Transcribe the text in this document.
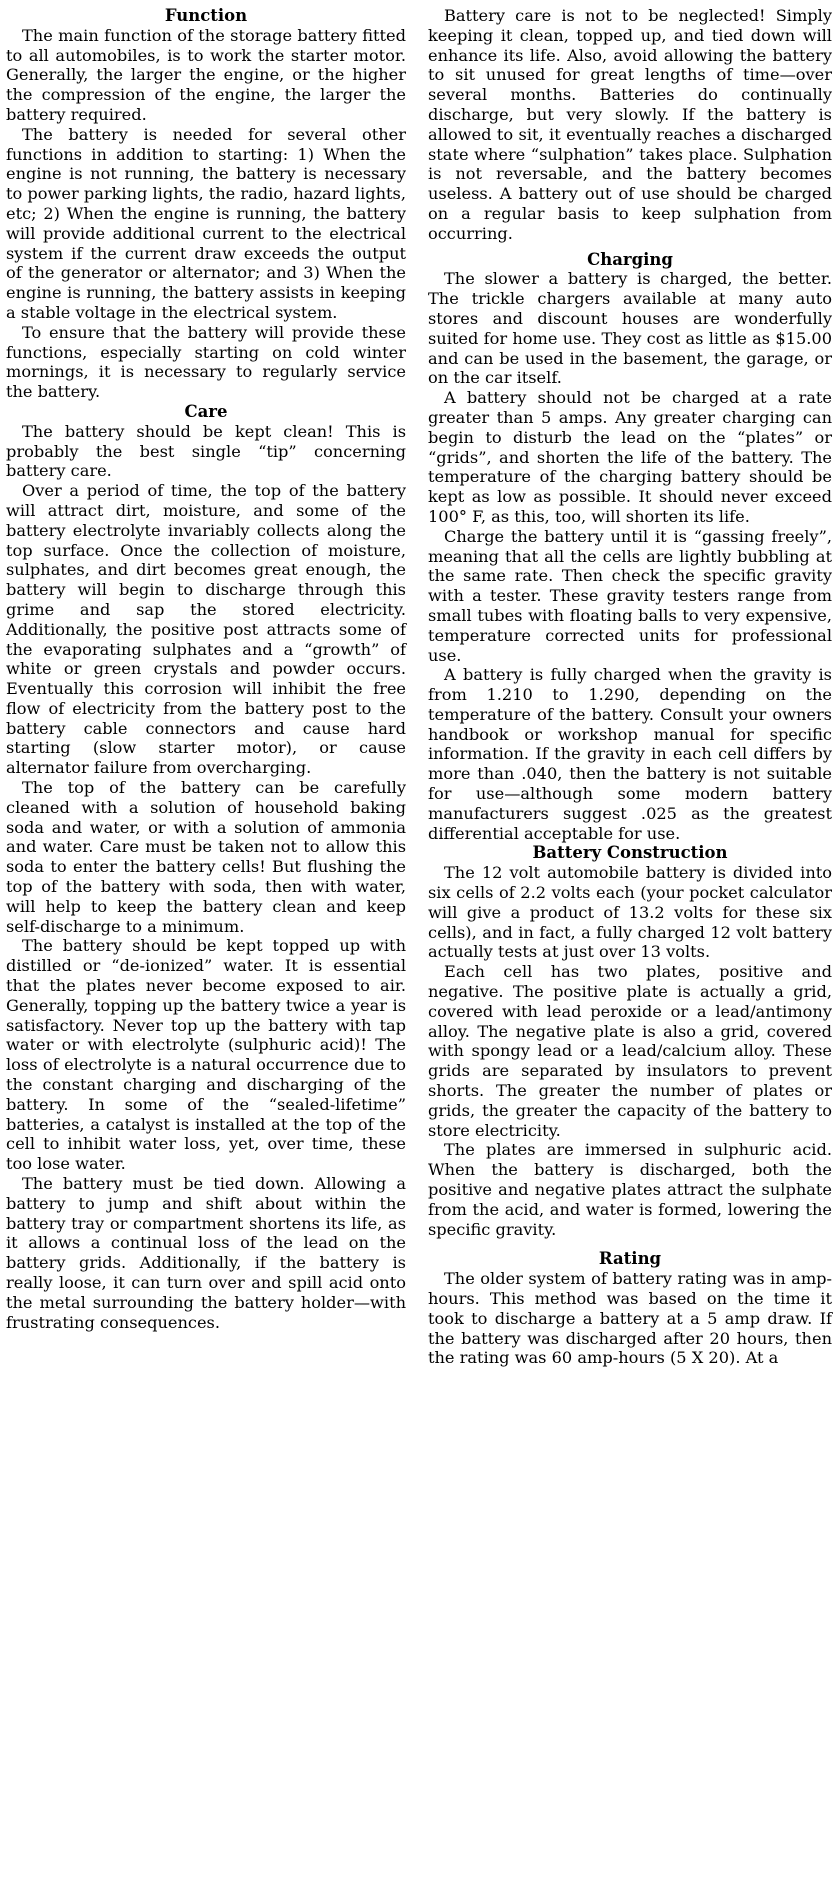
Function

The main function of the storage battery fitted to all automobiles, is to work the starter motor. Generally, the larger the engine, or the higher the compression of the engine, the larger the battery required.

The battery is needed for several other functions in addition to starting: 1) When the engine is not running, the battery is necessary to power parking lights, the radio, hazard lights, etc; 2) When the engine is running, the battery will provide additional current to the electrical system if the current draw exceeds the output of the generator or alternator; and 3) When the engine is running, the battery assists in keeping a stable voltage in the electrical system.

To ensure that the battery will provide these functions, especially starting on cold winter mornings, it is necessary to regularly service the battery.

Care

The battery should be kept clean! This is probably the best single “tip” concerning battery care.

Over a period of time, the top of the battery will attract dirt, moisture, and some of the battery electrolyte invariably collects along the top surface. Once the collection of moisture, sulphates, and dirt becomes great enough, the battery will begin to discharge through this grime and sap the stored electricity. Additionally, the positive post attracts some of the evaporating sulphates and a “growth” of white or green crystals and powder occurs. Eventually this corrosion will inhibit the free flow of electricity from the battery post to the battery cable connectors and cause hard starting (slow starter motor), or cause alternator failure from overcharging.

The top of the battery can be carefully cleaned with a solution of household baking soda and water, or with a solution of ammonia and water. Care must be taken not to allow this soda to enter the battery cells! But flushing the top of the battery with soda, then with water, will help to keep the battery clean and keep self-discharge to a minimum.

The battery should be kept topped up with distilled or “de-ionized” water. It is essential that the plates never become exposed to air. Generally, topping up the battery twice a year is satisfactory. Never top up the battery with tap water or with electrolyte (sulphuric acid)! The loss of electrolyte is a natural occurrence due to the constant charging and discharging of the battery. In some of the “sealed-lifetime” batteries, a catalyst is installed at the top of the cell to inhibit water loss, yet, over time, these too lose water.

The battery must be tied down. Allowing a battery to jump and shift about within the battery tray or compartment shortens its life, as it allows a continual loss of the lead on the battery grids. Additionally, if the battery is really loose, it can turn over and spill acid onto the metal surrounding the battery holder—with frustrating consequences.

Battery care is not to be neglected! Simply keeping it clean, topped up, and tied down will enhance its life. Also, avoid allowing the battery to sit unused for great lengths of time—over several months. Batteries do continually discharge, but very slowly. If the battery is allowed to sit, it eventually reaches a discharged state where “sulphation” takes place. Sulphation is not reversable, and the battery becomes useless. A battery out of use should be charged on a regular basis to keep sulphation from occurring.

Charging

The slower a battery is charged, the better. The trickle chargers available at many auto stores and discount houses are wonderfully suited for home use. They cost as little as $15.00 and can be used in the basement, the garage, or on the car itself.

A battery should not be charged at a rate greater than 5 amps. Any greater charging can begin to disturb the lead on the “plates” or “grids”, and shorten the life of the battery. The temperature of the charging battery should be kept as low as possible. It should never exceed 100° F, as this, too, will shorten its life.

Charge the battery until it is “gassing freely”, meaning that all the cells are lightly bubbling at the same rate. Then check the specific gravity with a tester. These gravity testers range from small tubes with floating balls to very expensive, temperature corrected units for professional use.

A battery is fully charged when the gravity is from 1.210 to 1.290, depending on the temperature of the battery. Consult your owners handbook or workshop manual for specific information. If the gravity in each cell differs by more than .040, then the battery is not suitable for use—although some modern battery manufacturers suggest .025 as the greatest differential acceptable for use.

Battery Construction

The 12 volt automobile battery is divided into six cells of 2.2 volts each (your pocket calculator will give a product of 13.2 volts for these six cells), and in fact, a fully charged 12 volt battery actually tests at just over 13 volts.

Each cell has two plates, positive and negative. The positive plate is actually a grid, covered with lead peroxide or a lead/antimony alloy. The negative plate is also a grid, covered with spongy lead or a lead/calcium alloy. These grids are separated by insulators to prevent shorts. The greater the number of plates or grids, the greater the capacity of the battery to store electricity.

The plates are immersed in sulphuric acid. When the battery is discharged, both the positive and negative plates attract the sulphate from the acid, and water is formed, lowering the specific gravity.

Rating

The older system of battery rating was in amp-hours. This method was based on the time it took to discharge a battery at a 5 amp draw. If the battery was discharged after 20 hours, then the rating was 60 amp-hours (5 X 20). At a
